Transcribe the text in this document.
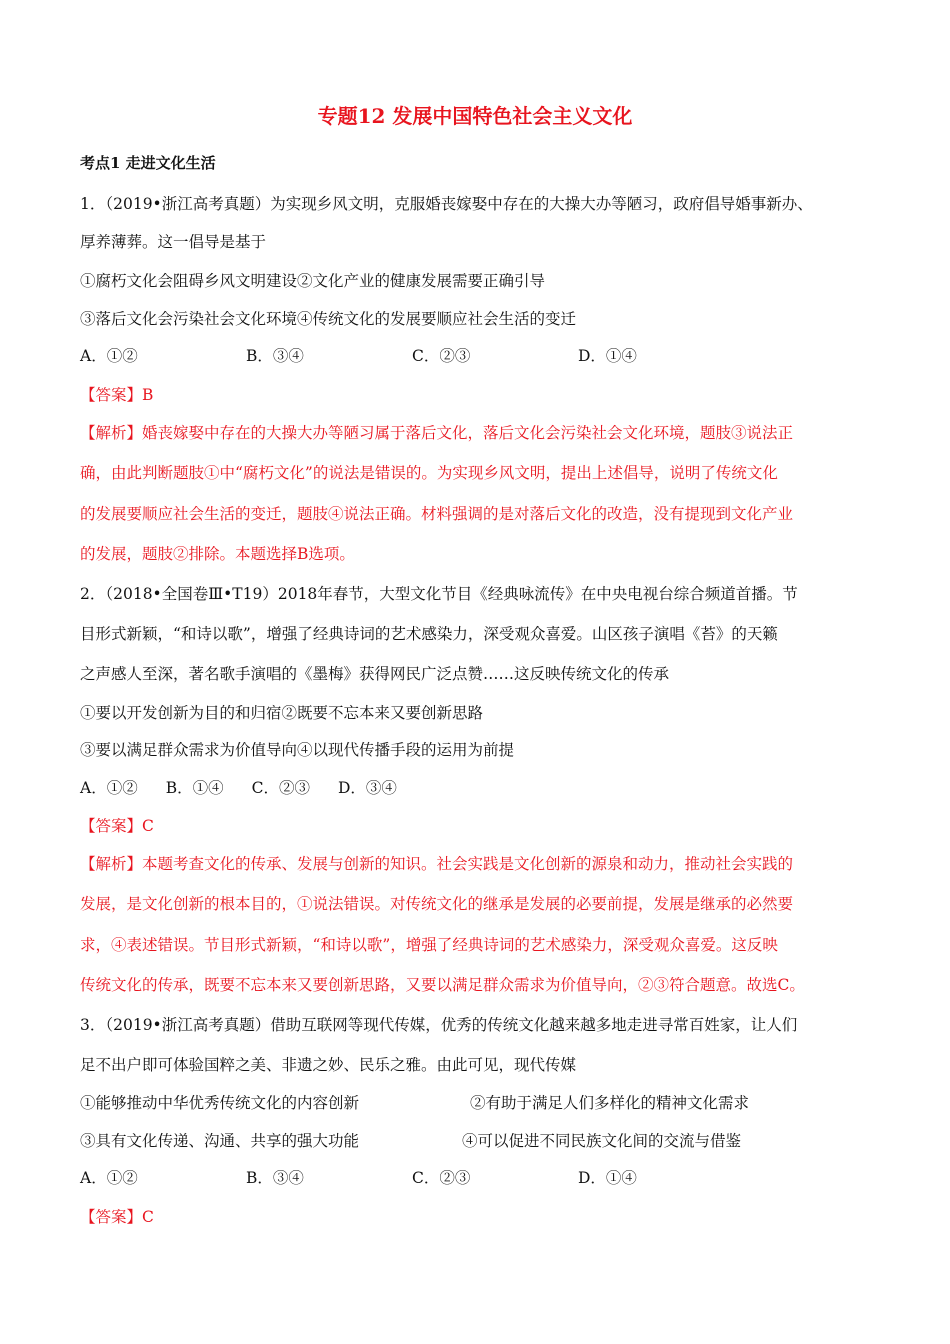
专题12 发展中国特色社会主义文化
考点1 走进文化生活
1．（2019•浙江高考真题）为实现乡风文明，克服婚丧嫁娶中存在的大操大办等陋习，政府倡导婚事新办、
厚养薄葬。这一倡导是基于
①腐朽文化会阻碍乡风文明建设②文化产业的健康发展需要正确引导
③落后文化会污染社会文化环境④传统文化的发展要顺应社会生活的变迁
A．①②	B．③④	C．②③	D．①④
【答案】B
【解析】婚丧嫁娶中存在的大操大办等陋习属于落后文化，落后文化会污染社会文化环境，题肢③说法正
确，由此判断题肢①中“腐朽文化”的说法是错误的。为实现乡风文明，提出上述倡导，说明了传统文化
的发展要顺应社会生活的变迁，题肢④说法正确。材料强调的是对落后文化的改造，没有提现到文化产业
的发展，题肢②排除。本题选择B选项。
2．（2018•全国卷Ⅲ•T19）2018年春节，大型文化节目《经典咏流传》在中央电视台综合频道首播。节
目形式新颖，“和诗以歌”，增强了经典诗词的艺术感染力，深受观众喜爱。山区孩子演唱《苔》的天籁
之声感人至深，著名歌手演唱的《墨梅》获得网民广泛点赞……这反映传统文化的传承
①要以开发创新为目的和归宿②既要不忘本来又要创新思路
③要以满足群众需求为价值导向④以现代传播手段的运用为前提
A．①② B．①④ C．②③ D．③④
【答案】C
【解析】本题考查文化的传承、发展与创新的知识。社会实践是文化创新的源泉和动力，推动社会实践的
发展，是文化创新的根本目的，①说法错误。对传统文化的继承是发展的必要前提，发展是继承的必然要
求，④表述错误。节目形式新颖，“和诗以歌”，增强了经典诗词的艺术感染力，深受观众喜爱。这反映
传统文化的传承，既要不忘本来又要创新思路，又要以满足群众需求为价值导向，②③符合题意。故选C。
3．（2019•浙江高考真题）借助互联网等现代传媒，优秀的传统文化越来越多地走进寻常百姓家，让人们
足不出户即可体验国粹之美、非遗之妙、民乐之雅。由此可见，现代传媒
①能够推动中华优秀传统文化的内容创新	②有助于满足人们多样化的精神文化需求
③具有文化传递、沟通、共享的强大功能	④可以促进不同民族文化间的交流与借鉴
A．①②	B．③④	C．②③	D．①④
【答案】C
